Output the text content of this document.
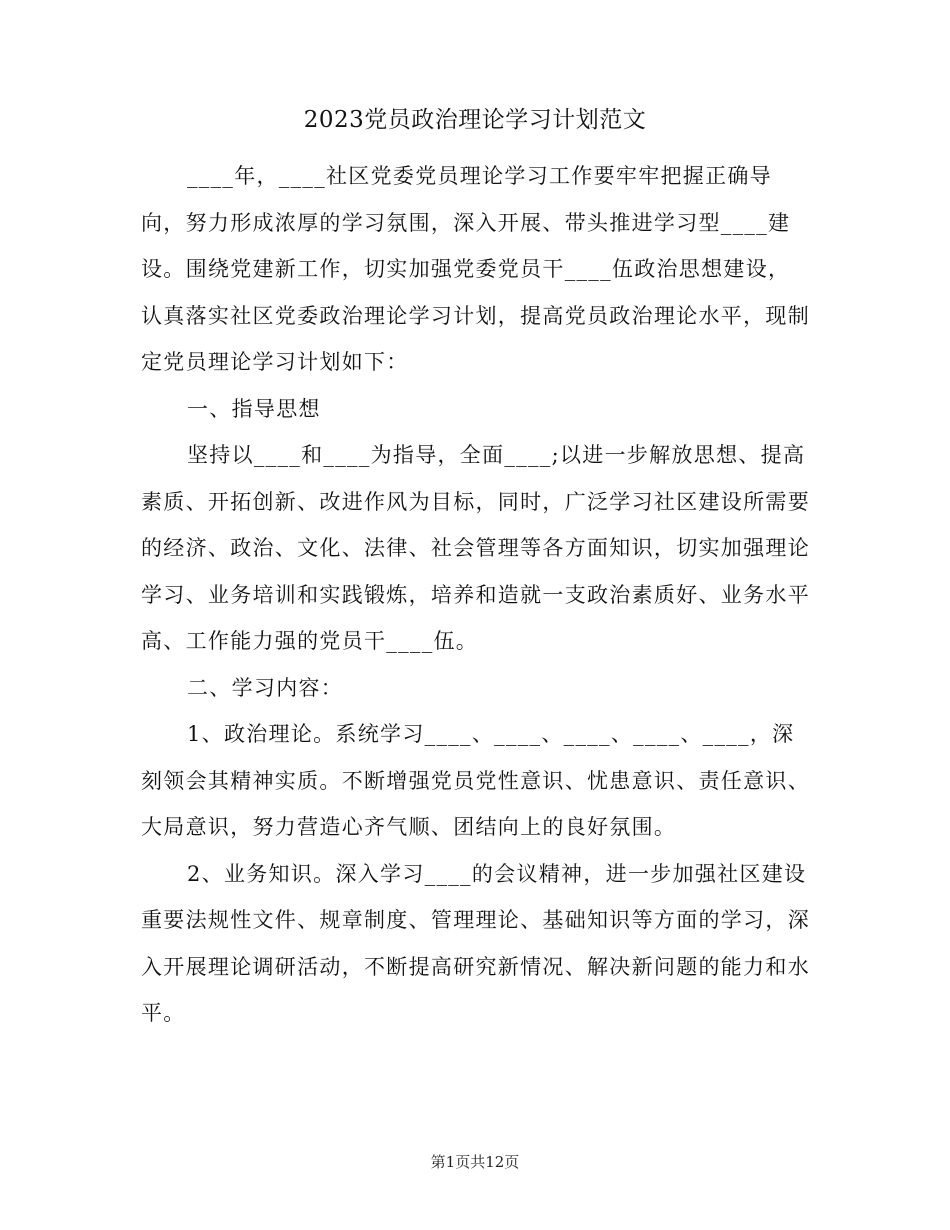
2023党员政治理论学习计划范文

____年，____社区党委党员理论学习工作要牢牢把握正确导向，努力形成浓厚的学习氛围，深入开展、带头推进学习型____建设。围绕党建新工作，切实加强党委党员干____伍政治思想建设，认真落实社区党委政治理论学习计划，提高党员政治理论水平，现制定党员理论学习计划如下：

一、指导思想

坚持以____和____为指导，全面____;以进一步解放思想、提高素质、开拓创新、改进作风为目标，同时，广泛学习社区建设所需要的经济、政治、文化、法律、社会管理等各方面知识，切实加强理论学习、业务培训和实践锻炼，培养和造就一支政治素质好、业务水平高、工作能力强的党员干____伍。

二、学习内容：

1、政治理论。系统学习____、____、____、____、____，深刻领会其精神实质。不断增强党员党性意识、忧患意识、责任意识、大局意识，努力营造心齐气顺、团结向上的良好氛围。

2、业务知识。深入学习____的会议精神，进一步加强社区建设重要法规性文件、规章制度、管理理论、基础知识等方面的学习，深入开展理论调研活动，不断提高研究新情况、解决新问题的能力和水平。

第1页共12页
